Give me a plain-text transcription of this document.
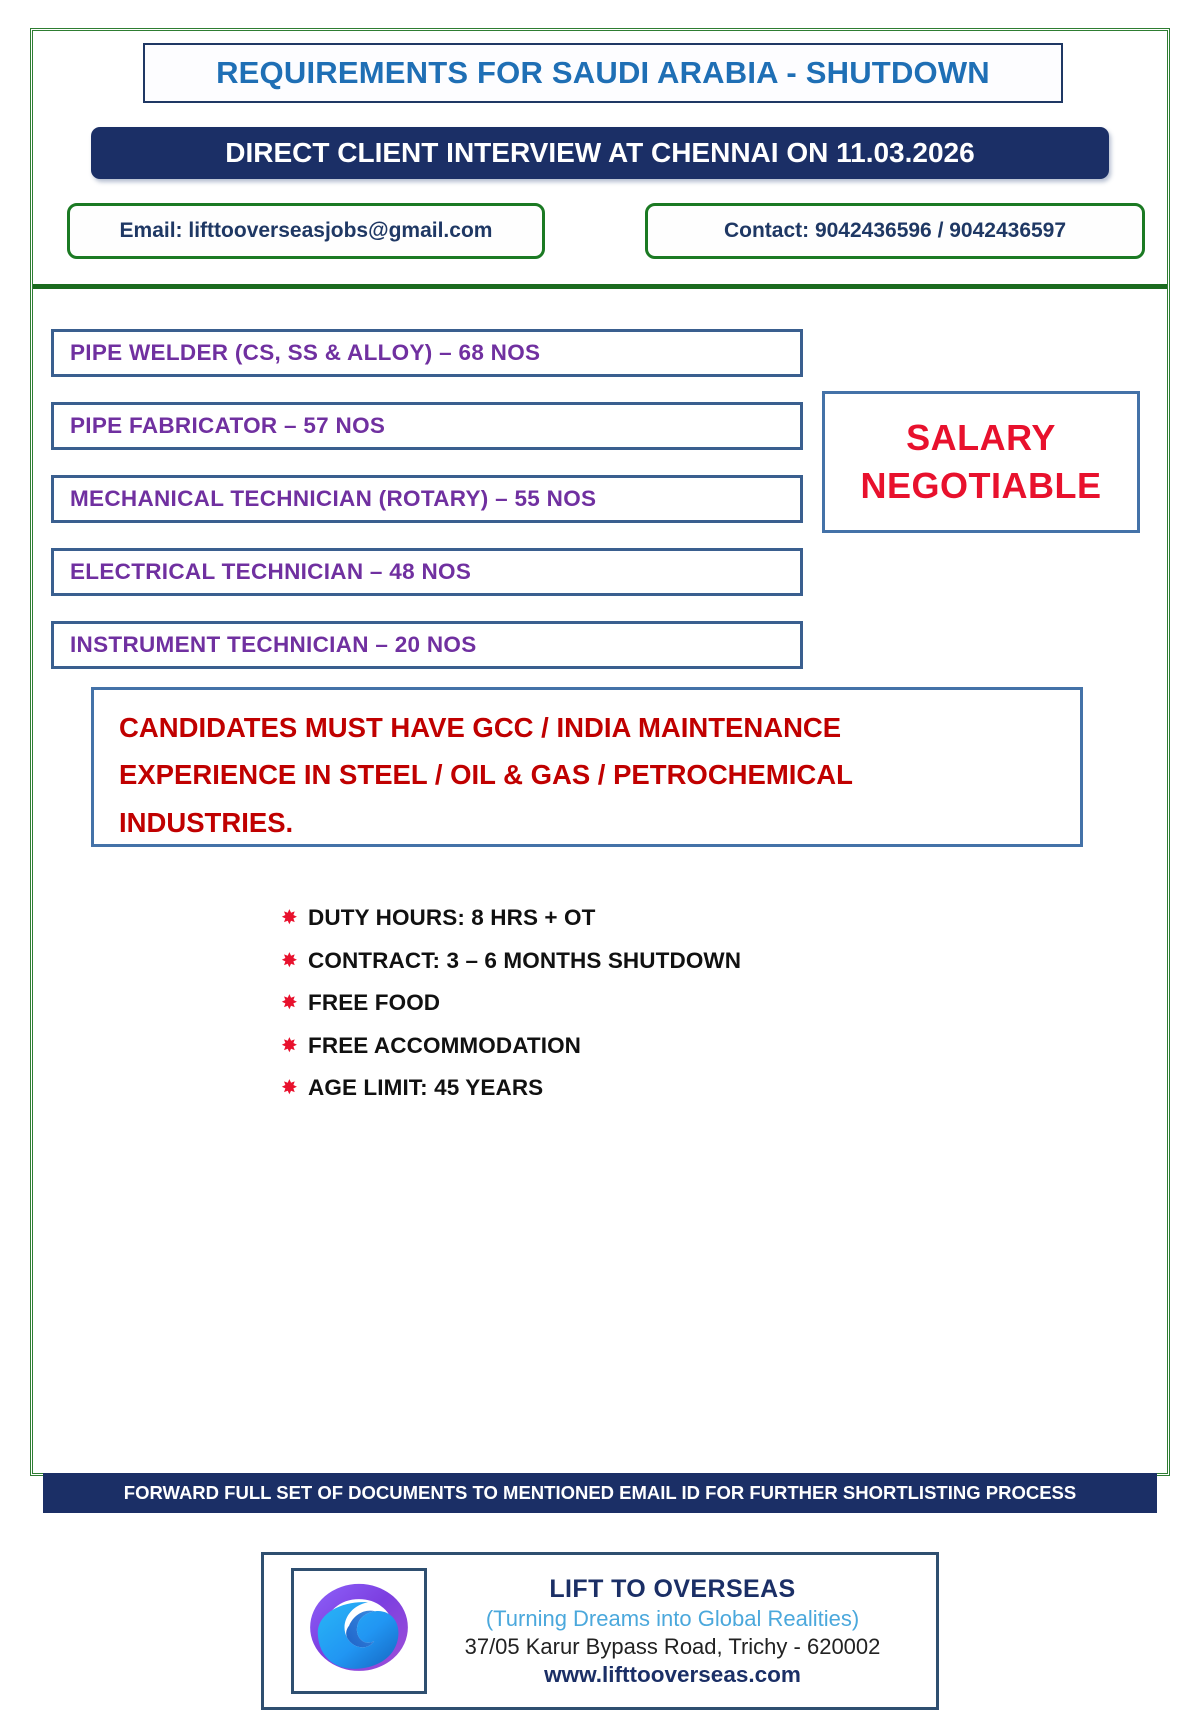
REQUIREMENTS FOR SAUDI ARABIA - SHUTDOWN
DIRECT CLIENT INTERVIEW AT CHENNAI ON 11.03.2026
Email: lifttooverseasjobs@gmail.com	Contact: 9042436596 / 9042436597
PIPE WELDER (CS, SS & ALLOY) – 68 NOS
PIPE FABRICATOR – 57 NOS
MECHANICAL TECHNICIAN (ROTARY) – 55 NOS
ELECTRICAL TECHNICIAN – 48 NOS
INSTRUMENT TECHNICIAN – 20 NOS
SALARY
NEGOTIABLE
CANDIDATES MUST HAVE GCC / INDIA MAINTENANCE
EXPERIENCE IN STEEL / OIL & GAS / PETROCHEMICAL
INDUSTRIES.
✸ DUTY HOURS: 8 HRS + OT
✸ CONTRACT: 3 – 6 MONTHS SHUTDOWN
✸ FREE FOOD
✸ FREE ACCOMMODATION
✸ AGE LIMIT: 45 YEARS
FORWARD FULL SET OF DOCUMENTS TO MENTIONED EMAIL ID FOR FURTHER SHORTLISTING PROCESS
LIFT TO OVERSEAS
(Turning Dreams into Global Realities)
37/05 Karur Bypass Road, Trichy - 620002
www.lifttooverseas.com
